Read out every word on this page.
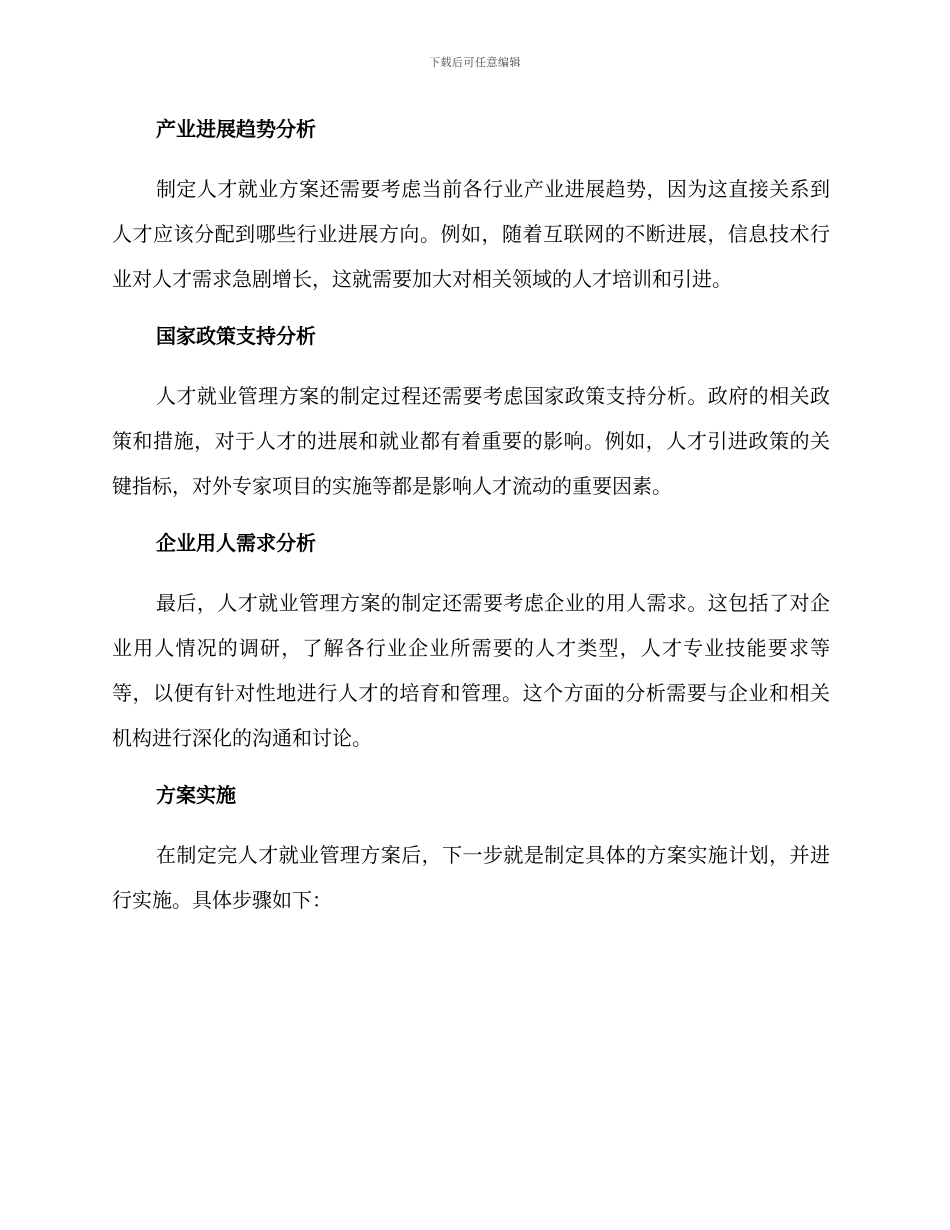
下载后可任意编辑

产业进展趋势分析

制定人才就业方案还需要考虑当前各行业产业进展趋势，因为这直接关系到人才应该分配到哪些行业进展方向。例如，随着互联网的不断进展，信息技术行业对人才需求急剧增长，这就需要加大对相关领域的人才培训和引进。

国家政策支持分析

人才就业管理方案的制定过程还需要考虑国家政策支持分析。政府的相关政策和措施，对于人才的进展和就业都有着重要的影响。例如，人才引进政策的关键指标，对外专家项目的实施等都是影响人才流动的重要因素。

企业用人需求分析

最后，人才就业管理方案的制定还需要考虑企业的用人需求。这包括了对企业用人情况的调研，了解各行业企业所需要的人才类型，人才专业技能要求等等，以便有针对性地进行人才的培育和管理。这个方面的分析需要与企业和相关机构进行深化的沟通和讨论。

方案实施

在制定完人才就业管理方案后，下一步就是制定具体的方案实施计划，并进行实施。具体步骤如下：
